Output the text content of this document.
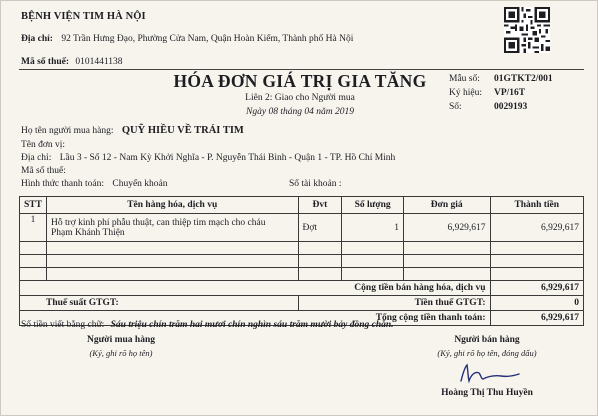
BỆNH VIỆN TIM HÀ NỘI
Địa chỉ: 92 Trần Hưng Đạo, Phường Cửa Nam, Quận Hoàn Kiếm, Thành phố Hà Nội
Mã số thuế: 0101441138
HÓA ĐƠN GIÁ TRỊ GIA TĂNG
Liên 2: Giao cho Người mua
Ngày 08 tháng 04 năm 2019
Mẫu số: 01GTKT2/001
Ký hiệu: VP/16T
Số:	0029193
Họ tên người mua hàng: QUỸ HIỀU VỀ TRÁI TIM
Tên đơn vị:
Địa chỉ: Lầu 3 - Số 12 - Nam Kỳ Khởi Nghĩa - P. Nguyễn Thái Bình - Quận 1 - TP. Hồ Chí Minh
Mã số thuế:
Hình thức thanh toán: Chuyển khoản	Số tài khoản :
STT	Tên hàng hóa, dịch vụ	Đvt	Số lượng	Đơn giá	Thành tiền
1	Hỗ trợ kinh phí phẫu thuật, can thiệp tim mạch cho cháu
Phạm Khánh Thiện	Đợt	1	6,929,617	6,929,617

Cộng tiền bán hàng hóa, dịch vụ					6,929,617
Thuế suất GTGT:		Tiền thuế GTGT:			0
Tổng cộng tiền thanh toán:					6,929,617
Số tiền viết bằng chữ: Sáu triệu chín trăm hai mươi chín nghìn sáu trăm mười bảy đồng chẵn.
Người mua hàng
(Ký, ghi rõ họ tên)
Người bán hàng
(Ký, ghi rõ họ tên, đóng dấu)
Hoàng Thị Thu Huyền
